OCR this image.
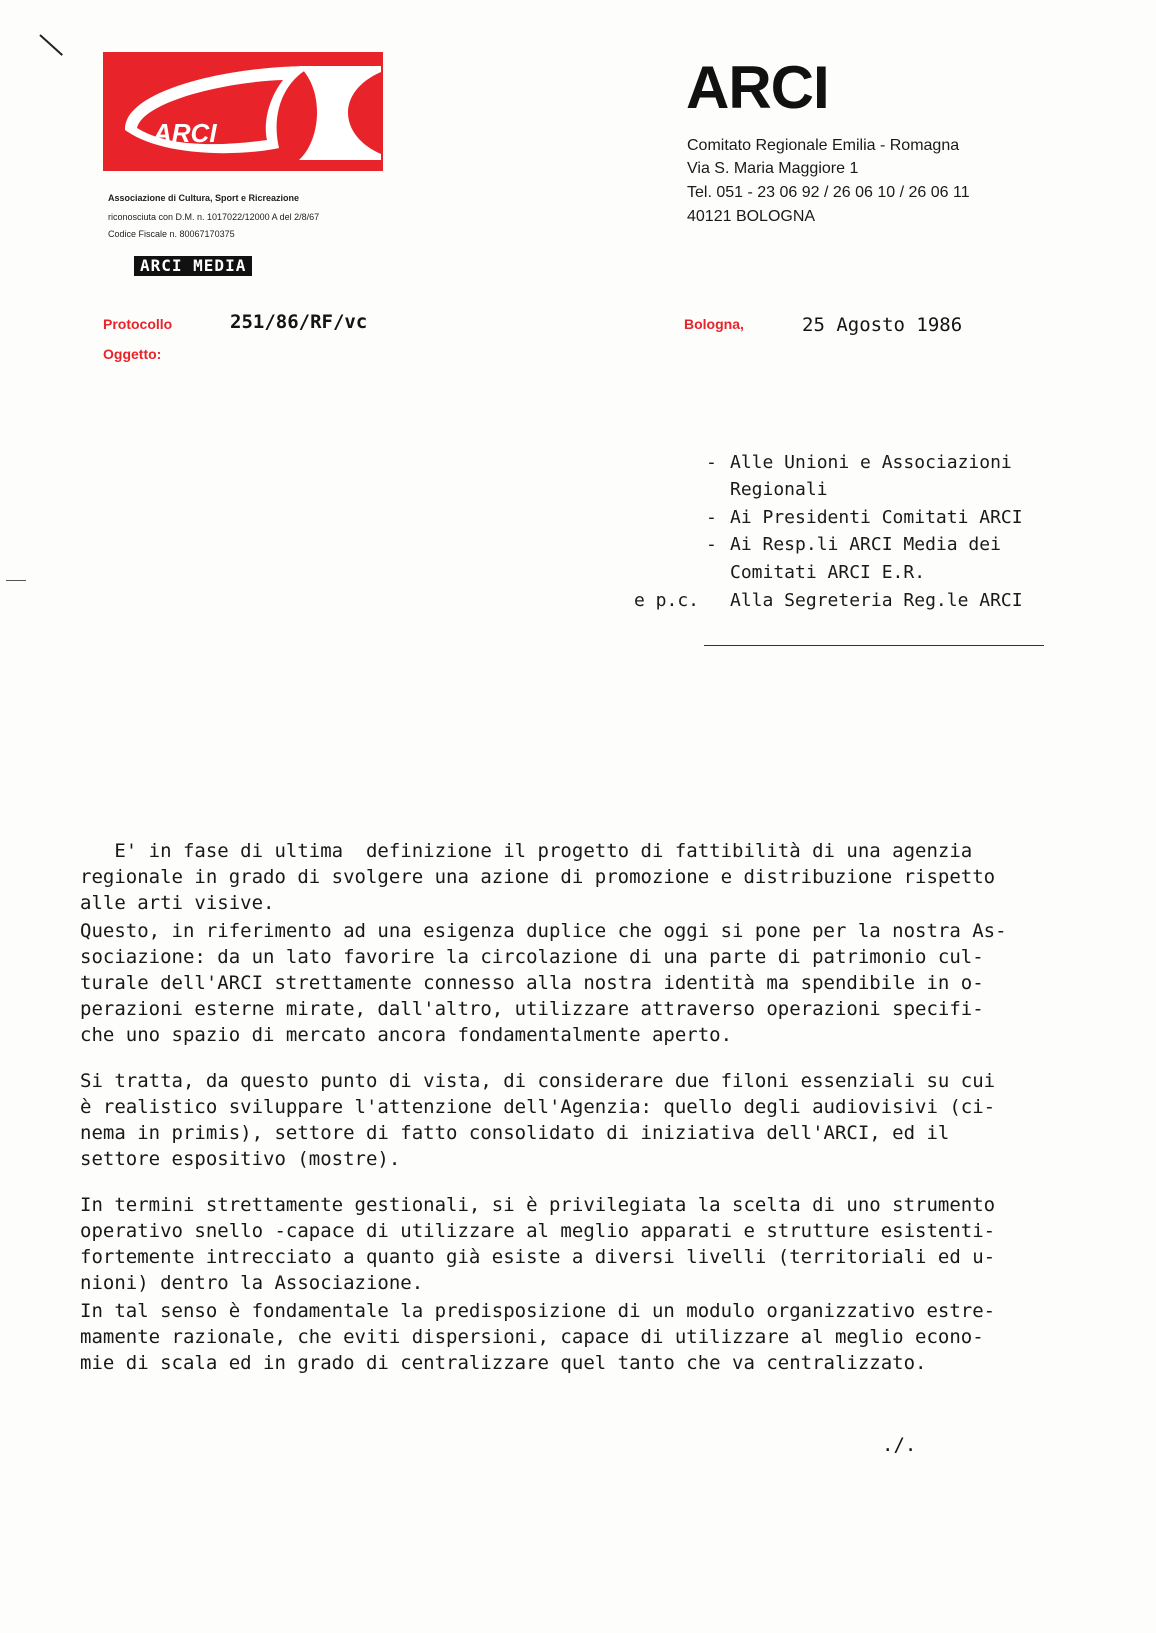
ARCI
Associazione di Cultura, Sport e Ricreazione
riconosciuta con D.M. n. 1017022/12000 A del 2/8/67
Codice Fiscale n. 80067170375
ARCI MEDIA
ARCI
Comitato Regionale Emilia - Romagna
Via S. Maria Maggiore 1
Tel. 051 - 23 06 92 / 26 06 10 / 26 06 11
40121 BOLOGNA
Protocollo	251/86/RF/vc
Oggetto:
Bologna,	25 Agosto 1986
- Alle Unioni e Associazioni
Regionali
- Ai Presidenti Comitati ARCI
- Ai Resp.li ARCI Media dei
Comitati ARCI E.R.
e p.c. Alla Segreteria Reg.le ARCI
E' in fase di ultima  definizione il progetto di fattibilità di una agenzia
regionale in grado di svolgere una azione di promozione e distribuzione rispetto
alle arti visive.
Questo, in riferimento ad una esigenza duplice che oggi si pone per la nostra As-
sociazione: da un lato favorire la circolazione di una parte di patrimonio cul-
turale dell'ARCI strettamente connesso alla nostra identità ma spendibile in o-
perazioni esterne mirate, dall'altro, utilizzare attraverso operazioni specifi-
che uno spazio di mercato ancora fondamentalmente aperto.
Si tratta, da questo punto di vista, di considerare due filoni essenziali su cui
è realistico sviluppare l'attenzione dell'Agenzia: quello degli audiovisivi (ci-
nema in primis), settore di fatto consolidato di iniziativa dell'ARCI, ed il
settore espositivo (mostre).
In termini strettamente gestionali, si è privilegiata la scelta di uno strumento
operativo snello -capace di utilizzare al meglio apparati e strutture esistenti-
fortemente intrecciato a quanto già esiste a diversi livelli (territoriali ed u-
nioni) dentro la Associazione.
In tal senso è fondamentale la predisposizione di un modulo organizzativo estre-
mamente razionale, che eviti dispersioni, capace di utilizzare al meglio econo-
mie di scala ed in grado di centralizzare quel tanto che va centralizzato.
./.
